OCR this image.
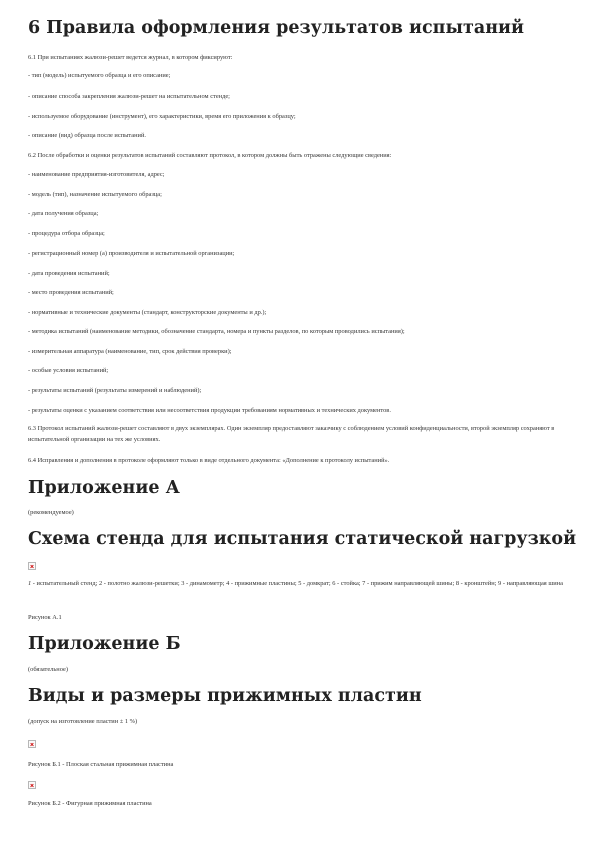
6 Правила оформления результатов испытаний

6.1 При испытаниях жалюзи-решет ведется журнал, в котором фиксируют:

- тип (модель) испытуемого образца и его описание;

- описание способа закрепления жалюзи-решет на испытательном стенде;

- используемое оборудование (инструмент), его характеристики, время его приложения к образцу;

- описание (вид) образца после испытаний.

6.2 После обработки и оценки результатов испытаний составляют протокол, в котором должны быть отражены следующие сведения:

- наименование предприятия-изготовителя, адрес;

- модель (тип), назначение испытуемого образца;

- дата получения образца;

- процедура отбора образца;

- регистрационный номер (а) производителя и испытательной организации;

- дата проведения испытаний;

- место проведения испытаний;

- нормативные и технические документы (стандарт, конструкторские документы и др.);

- методика испытаний (наименование методики, обозначение стандарта, номера и пункты разделов, по которым проводились испытания);

- измерительная аппаратура (наименование, тип, срок действия проверки);

- особые условия испытаний;

- результаты испытаний (результаты измерений и наблюдений);

- результаты оценки с указанием соответствия или несоответствия продукции требованиям нормативных и технических документов.

6.3 Протокол испытаний жалюзи-решет составляют в двух экземплярах. Один экземпляр предоставляют заказчику с соблюдением условий конфиденциальности, второй экземпляр сохраняют в испытательной организации на тех же условиях.

6.4 Исправления и дополнения в протоколе оформляют только в виде отдельного документа: «Дополнение к протоколу испытаний».

Приложение А

(рекомендуемое)

Схема стенда для испытания статической нагрузкой

1 - испытательный стенд; 2 - полотно жалюзи-решетки; 3 - динамометр; 4 - прижимные пластины; 5 - домкрат; 6 - стойка; 7 - прижим направляющей шины; 8 - кронштейн; 9 - направляющая шина

Рисунок А.1

Приложение Б

(обязательное)

Виды и размеры прижимных пластин

(допуск на изготовление пластин ± 1 %)

Рисунок Б.1 - Плоская стальная прижимная пластина

Рисунок Б.2 - Фигурная прижимная пластина
